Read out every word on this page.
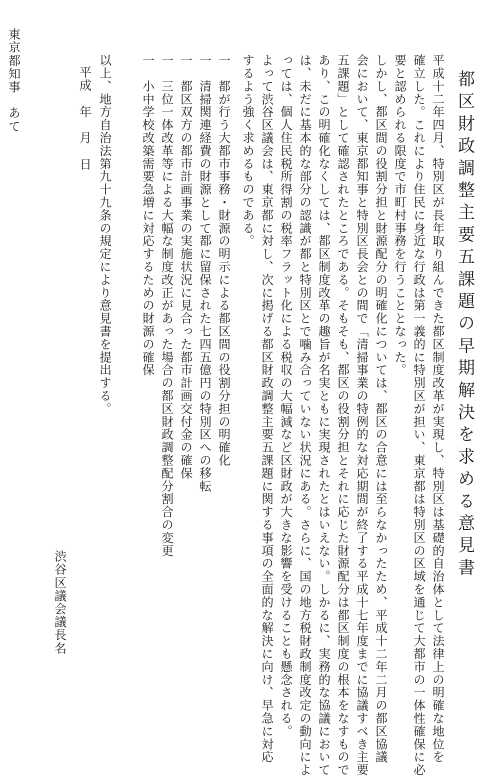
都区財政調整主要五課題の早期解決を求める意見書
平成十二年四月、特別区が長年取り組んできた都区制度改革が実現し、特別区は基礎的自治体として法律上の明確な地位を
確立した。これにより住民に身近な行政は第一義的に特別区が担い、東京都は特別区の区域を通じて大都市の一体性確保に必
要と認められる限度で市町村事務を行うこととなった。
しかし、都区間の役割分担と財源配分の明確化については、都区の合意には至らなかったため、平成十二年二月の都区協議
会において、東京都知事と特別区長会との間で「清掃事業の特例的な対応期間が終了する平成十七年度までに協議すべき主要
五課題」として確認されたところである。そもそも、都区の役割分担とそれに応じた財源配分は都区制度の根本をなすもので
あり、この明確化なくしては、都区制度改革の趣旨が名実ともに実現されたとはいえない。しかるに、実務的な協議において
は、未だに基本的な部分の認識が都と特別区とで噛み合っていない状況にある。さらに、国の地方税財政制度改定の動向によ
っては、個人住民税所得割の税率フラット化による税収の大幅減など区財政が大きな影響を受けることも懸念される。
よって渋谷区議会は、東京都に対し、次に掲げる都区財政調整主要五課題に関する事項の全面的な解決に向け、早急に対応
するよう強く求めるものである。
一　都が行う大都市事務・財源の明示による都区間の役割分担の明確化
一　清掃関連経費の財源として都に留保された七四五億円の特別区への移転
一　都区双方の都市計画事業の実施状況に見合った都市計画交付金の確保
一　三位一体改革等による大幅な制度改正があった場合の都区財政調整配分割合の変更
一　小中学校改築需要急増に対応するための財源の確保
以上、地方自治法第九十九条の規定により意見書を提出する。
平成　年　月　日
渋谷区議会議長名
東京都知事　あて
